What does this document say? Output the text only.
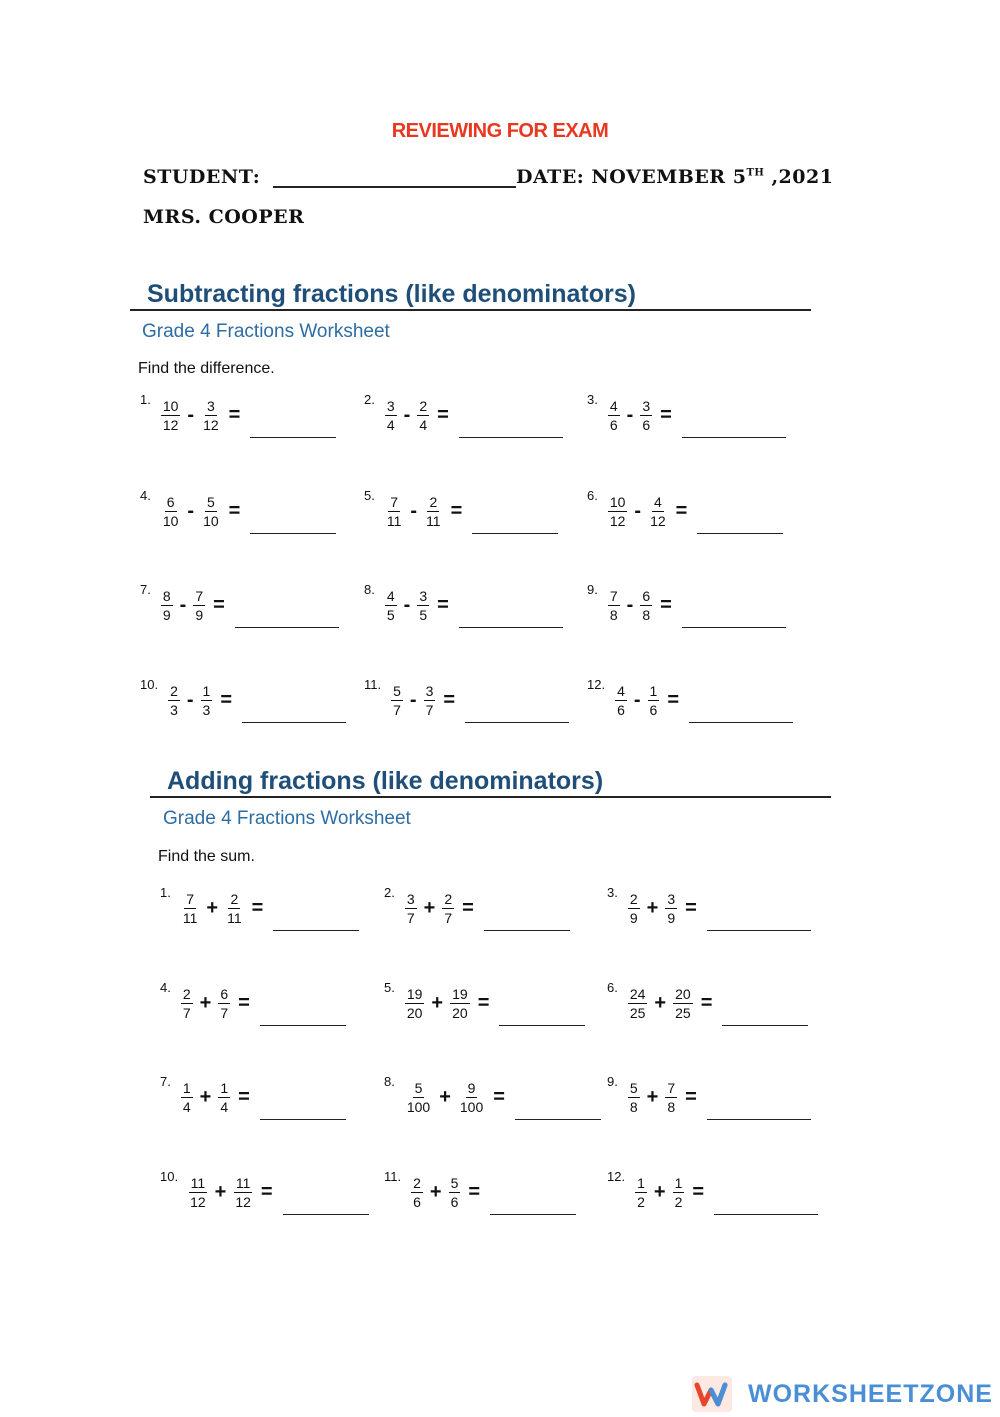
REVIEWING FOR EXAM
STUDENT:	DATE: NOVEMBER 5TH ,2021
MRS. COOPER
Subtracting fractions (like denominators)
Grade 4 Fractions Worksheet
Find the difference.
1. $\frac{10}{12} - \frac{3}{12}$ =
2. $\frac{3}{4} - \frac{2}{4}$ =
3. $\frac{4}{6} - \frac{3}{6}$ =
4. $\frac{6}{10} - \frac{5}{10}$ =
5. $\frac{7}{11} - \frac{2}{11}$ =
6. $\frac{10}{12} - \frac{4}{12}$ =
7. $\frac{8}{9} - \frac{7}{9}$ =
8. $\frac{4}{5} - \frac{3}{5}$ =
9. $\frac{7}{8} - \frac{6}{8}$ =
10. $\frac{2}{3} - \frac{1}{3}$ =
11. $\frac{5}{7} - \frac{3}{7}$ =
12. $\frac{4}{6} - \frac{1}{6}$ =
Adding fractions (like denominators)
Grade 4 Fractions Worksheet
Find the sum.
1. $\frac{7}{11} + \frac{2}{11}$ =
2. $\frac{3}{7} + \frac{2}{7}$ =
3. $\frac{2}{9} + \frac{3}{9}$ =
4. $\frac{2}{7} + \frac{6}{7}$ =
5. $\frac{19}{20} + \frac{19}{20}$ =
6. $\frac{24}{25} + \frac{20}{25}$ =
7. $\frac{1}{4} + \frac{1}{4}$ =
8. $\frac{5}{100} + \frac{9}{100}$ =
9. $\frac{5}{8} + \frac{7}{8}$ =
10. $\frac{11}{12} + \frac{11}{12}$ =
11. $\frac{2}{6} + \frac{5}{6}$ =
12. $\frac{1}{2} + \frac{1}{2}$ =
WORKSHEETZONE
